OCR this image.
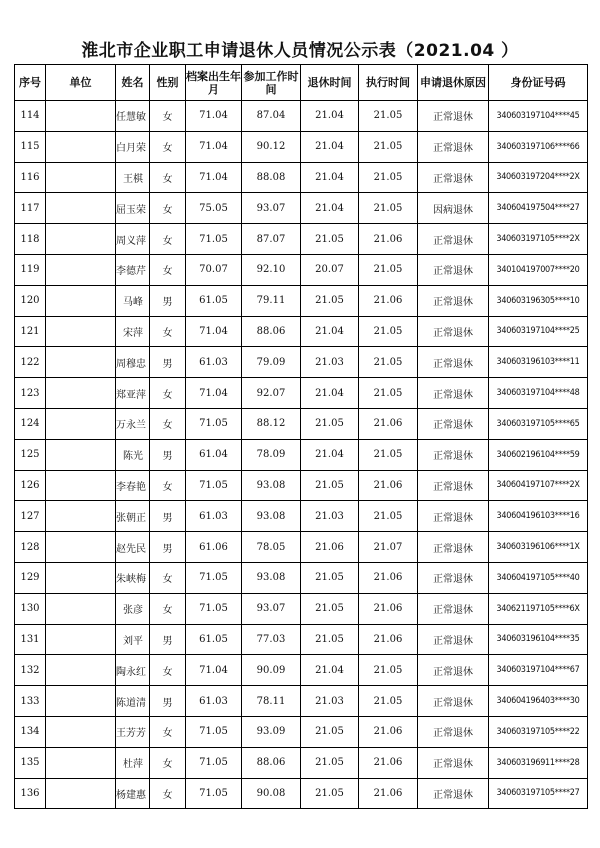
淮北市企业职工申请退休人员情况公示表（2021.04 ）
序号	单位	姓名	性别	档案出生年月	参加工作时间	退休时间	执行时间	申请退休原因	身份证号码
114		任慧敏	女	71.04	87.04	21.04	21.05	正常退休	340603197104****45
115		白月荣	女	71.04	90.12	21.04	21.05	正常退休	340603197106****66
116		王棋	女	71.04	88.08	21.04	21.05	正常退休	340603197204****2X
117		屈玉荣	女	75.05	93.07	21.04	21.05	因病退休	340604197504****27
118		周义萍	女	71.05	87.07	21.05	21.06	正常退休	340603197105****2X
119		李德芹	女	70.07	92.10	20.07	21.05	正常退休	340104197007****20
120		马峰	男	61.05	79.11	21.05	21.06	正常退休	340603196305****10
121		宋萍	女	71.04	88.06	21.04	21.05	正常退休	340603197104****25
122		周穆忠	男	61.03	79.09	21.03	21.05	正常退休	340603196103****11
123		郑亚萍	女	71.04	92.07	21.04	21.05	正常退休	340603197104****48
124		万永兰	女	71.05	88.12	21.05	21.06	正常退休	340603197105****65
125		陈光	男	61.04	78.09	21.04	21.05	正常退休	340602196104****59
126		李春艳	女	71.05	93.08	21.05	21.06	正常退休	340604197107****2X
127		张朝正	男	61.03	93.08	21.03	21.05	正常退休	340604196103****16
128		赵先民	男	61.06	78.05	21.06	21.07	正常退休	340603196106****1X
129		朱峡梅	女	71.05	93.08	21.05	21.06	正常退休	340604197105****40
130		张彦	女	71.05	93.07	21.05	21.06	正常退休	340621197105****6X
131		刘平	男	61.05	77.03	21.05	21.06	正常退休	340603196104****35
132		陶永红	女	71.04	90.09	21.04	21.05	正常退休	340603197104****67
133		陈道清	男	61.03	78.11	21.03	21.05	正常退休	340604196403****30
134		王芳芳	女	71.05	93.09	21.05	21.06	正常退休	340603197105****22
135		杜萍	女	71.05	88.06	21.05	21.06	正常退休	340603196911****28
136		杨建惠	女	71.05	90.08	21.05	21.06	正常退休	340603197105****27
